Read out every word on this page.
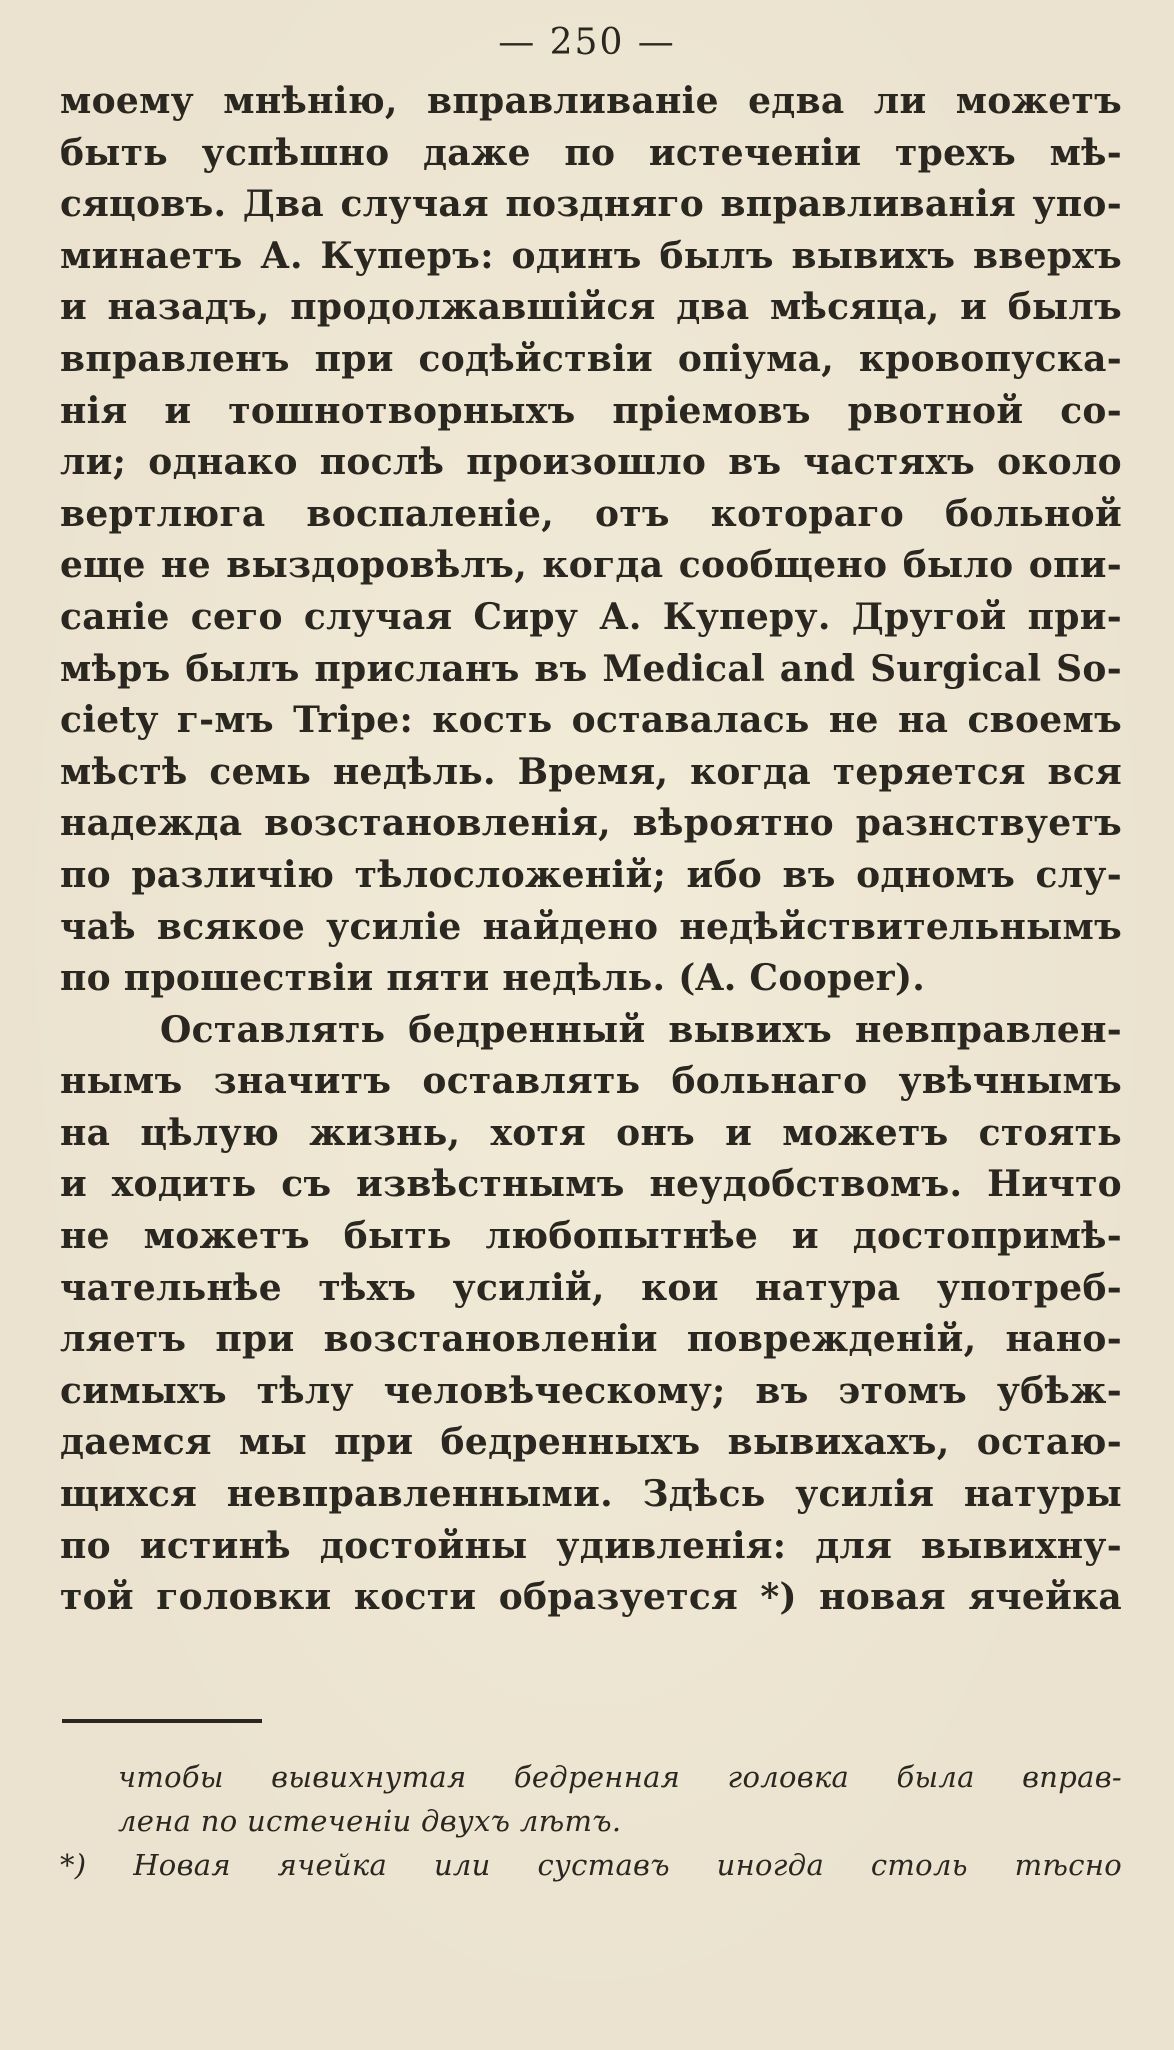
— 250 —
моему мнѣнію, вправливаніе едва ли можетъ
быть успѣшно даже по истеченіи трехъ мѣ-
сяцовъ. Два случая поздняго вправливанія упо-
минаетъ А. Куперъ: одинъ былъ вывихъ вверхъ
и назадъ, продолжавшійся два мѣсяца, и былъ
вправленъ при содѣйствіи опіума, кровопуска-
нія и тошнотворныхъ пріемовъ рвотной со-
ли; однако послѣ произошло въ частяхъ около
вертлюга воспаленіе, отъ котораго больной
еще не выздоровѣлъ, когда сообщено было опи-
саніе сего случая Сиру А. Куперу. Другой при-
мѣръ былъ присланъ въ Medical and Surgical So-
ciety г-мъ Tripe: кость оставалась не на своемъ
мѣстѣ семь недѣль. Время, когда теряется вся
надежда возстановленія, вѣроятно разнствуетъ
по различію тѣлосложеній; ибо въ одномъ слу-
чаѣ всякое усиліе найдено недѣйствительнымъ
по прошествіи пяти недѣль. (A. Cooper).
Оставлять бедренный вывихъ невправлен-
нымъ значитъ оставлять больнаго увѣчнымъ
на цѣлую жизнь, хотя онъ и можетъ стоять
и ходить съ извѣстнымъ неудобствомъ. Ничто
не можетъ быть любопытнѣе и достопримѣ-
чательнѣе тѣхъ усилій, кои натура употреб-
ляетъ при возстановленіи поврежденій, нано-
симыхъ тѣлу человѣческому; въ этомъ убѣж-
даемся мы при бедренныхъ вывихахъ, остаю-
щихся невправленными. Здѣсь усилія натуры
по истинѣ достойны удивленія: для вывихну-
той головки кости образуется *) новая ячейка
чтобы вывихнутая бедренная головка была вправ-
лена по истеченіи двухъ лѣтъ.
*) Новая ячейка или суставъ иногда столь тѣсно
